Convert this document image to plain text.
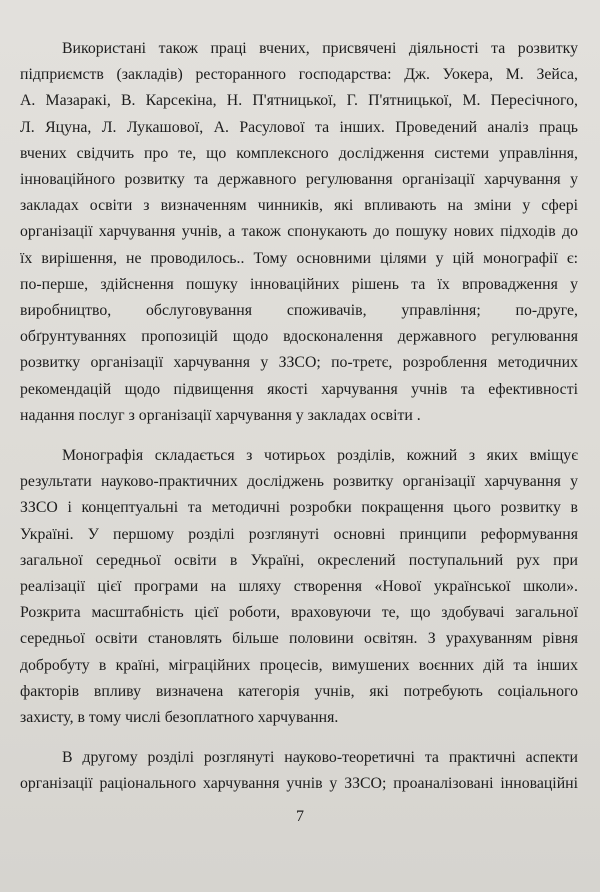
Використані також праці вчених, присвячені діяльності та розвитку
підприємств (закладів) ресторанного господарства: Дж. Уокера, М. Зейса,
А. Мазаракі, В. Карсекіна, Н. П'ятницької, Г. П'ятницької, М. Пересічного,
Л. Яцуна, Л. Лукашової, А. Расулової та інших. Проведений аналіз праць
вчених свідчить про те, що комплексного дослідження системи управління,
інноваційного розвитку та державного регулювання організації харчування у
закладах освіти з визначенням чинників, які впливають на зміни у сфері
організації харчування учнів, а також спонукають до пошуку нових підходів до
їх вирішення, не проводилось.. Тому основними цілями у цій монографії є:
по-перше, здійснення пошуку інноваційних рішень та їх впровадження у
виробництво, обслуговування споживачів, управління; по-друге,
обґрунтуваннях пропозицій щодо вдосконалення державного регулювання
розвитку організації харчування у ЗЗСО; по-третє, розроблення методичних
рекомендацій щодо підвищення якості харчування учнів та ефективності
надання послуг з організації харчування у закладах освіти .

Монографія складається з чотирьох розділів, кожний з яких вміщує
результати науково-практичних досліджень розвитку організації харчування у
ЗЗСО і концептуальні та методичні розробки покращення цього розвитку в
Україні. У першому розділі розглянуті основні принципи реформування
загальної середньої освіти в Україні, окреслений поступальний рух при
реалізації цієї програми на шляху створення «Нової української школи».
Розкрита масштабність цієї роботи, враховуючи те, що здобувачі загальної
середньої освіти становлять більше половини освітян. З урахуванням рівня
добробуту в країні, міграційних процесів, вимушених воєнних дій та інших
факторів впливу визначена категорія учнів, які потребують соціального
захисту, в тому числі безоплатного харчування.

В другому розділі розглянуті науково-теоретичні та практичні аспекти
організації раціонального харчування учнів у ЗЗСО; проаналізовані інноваційні

7
